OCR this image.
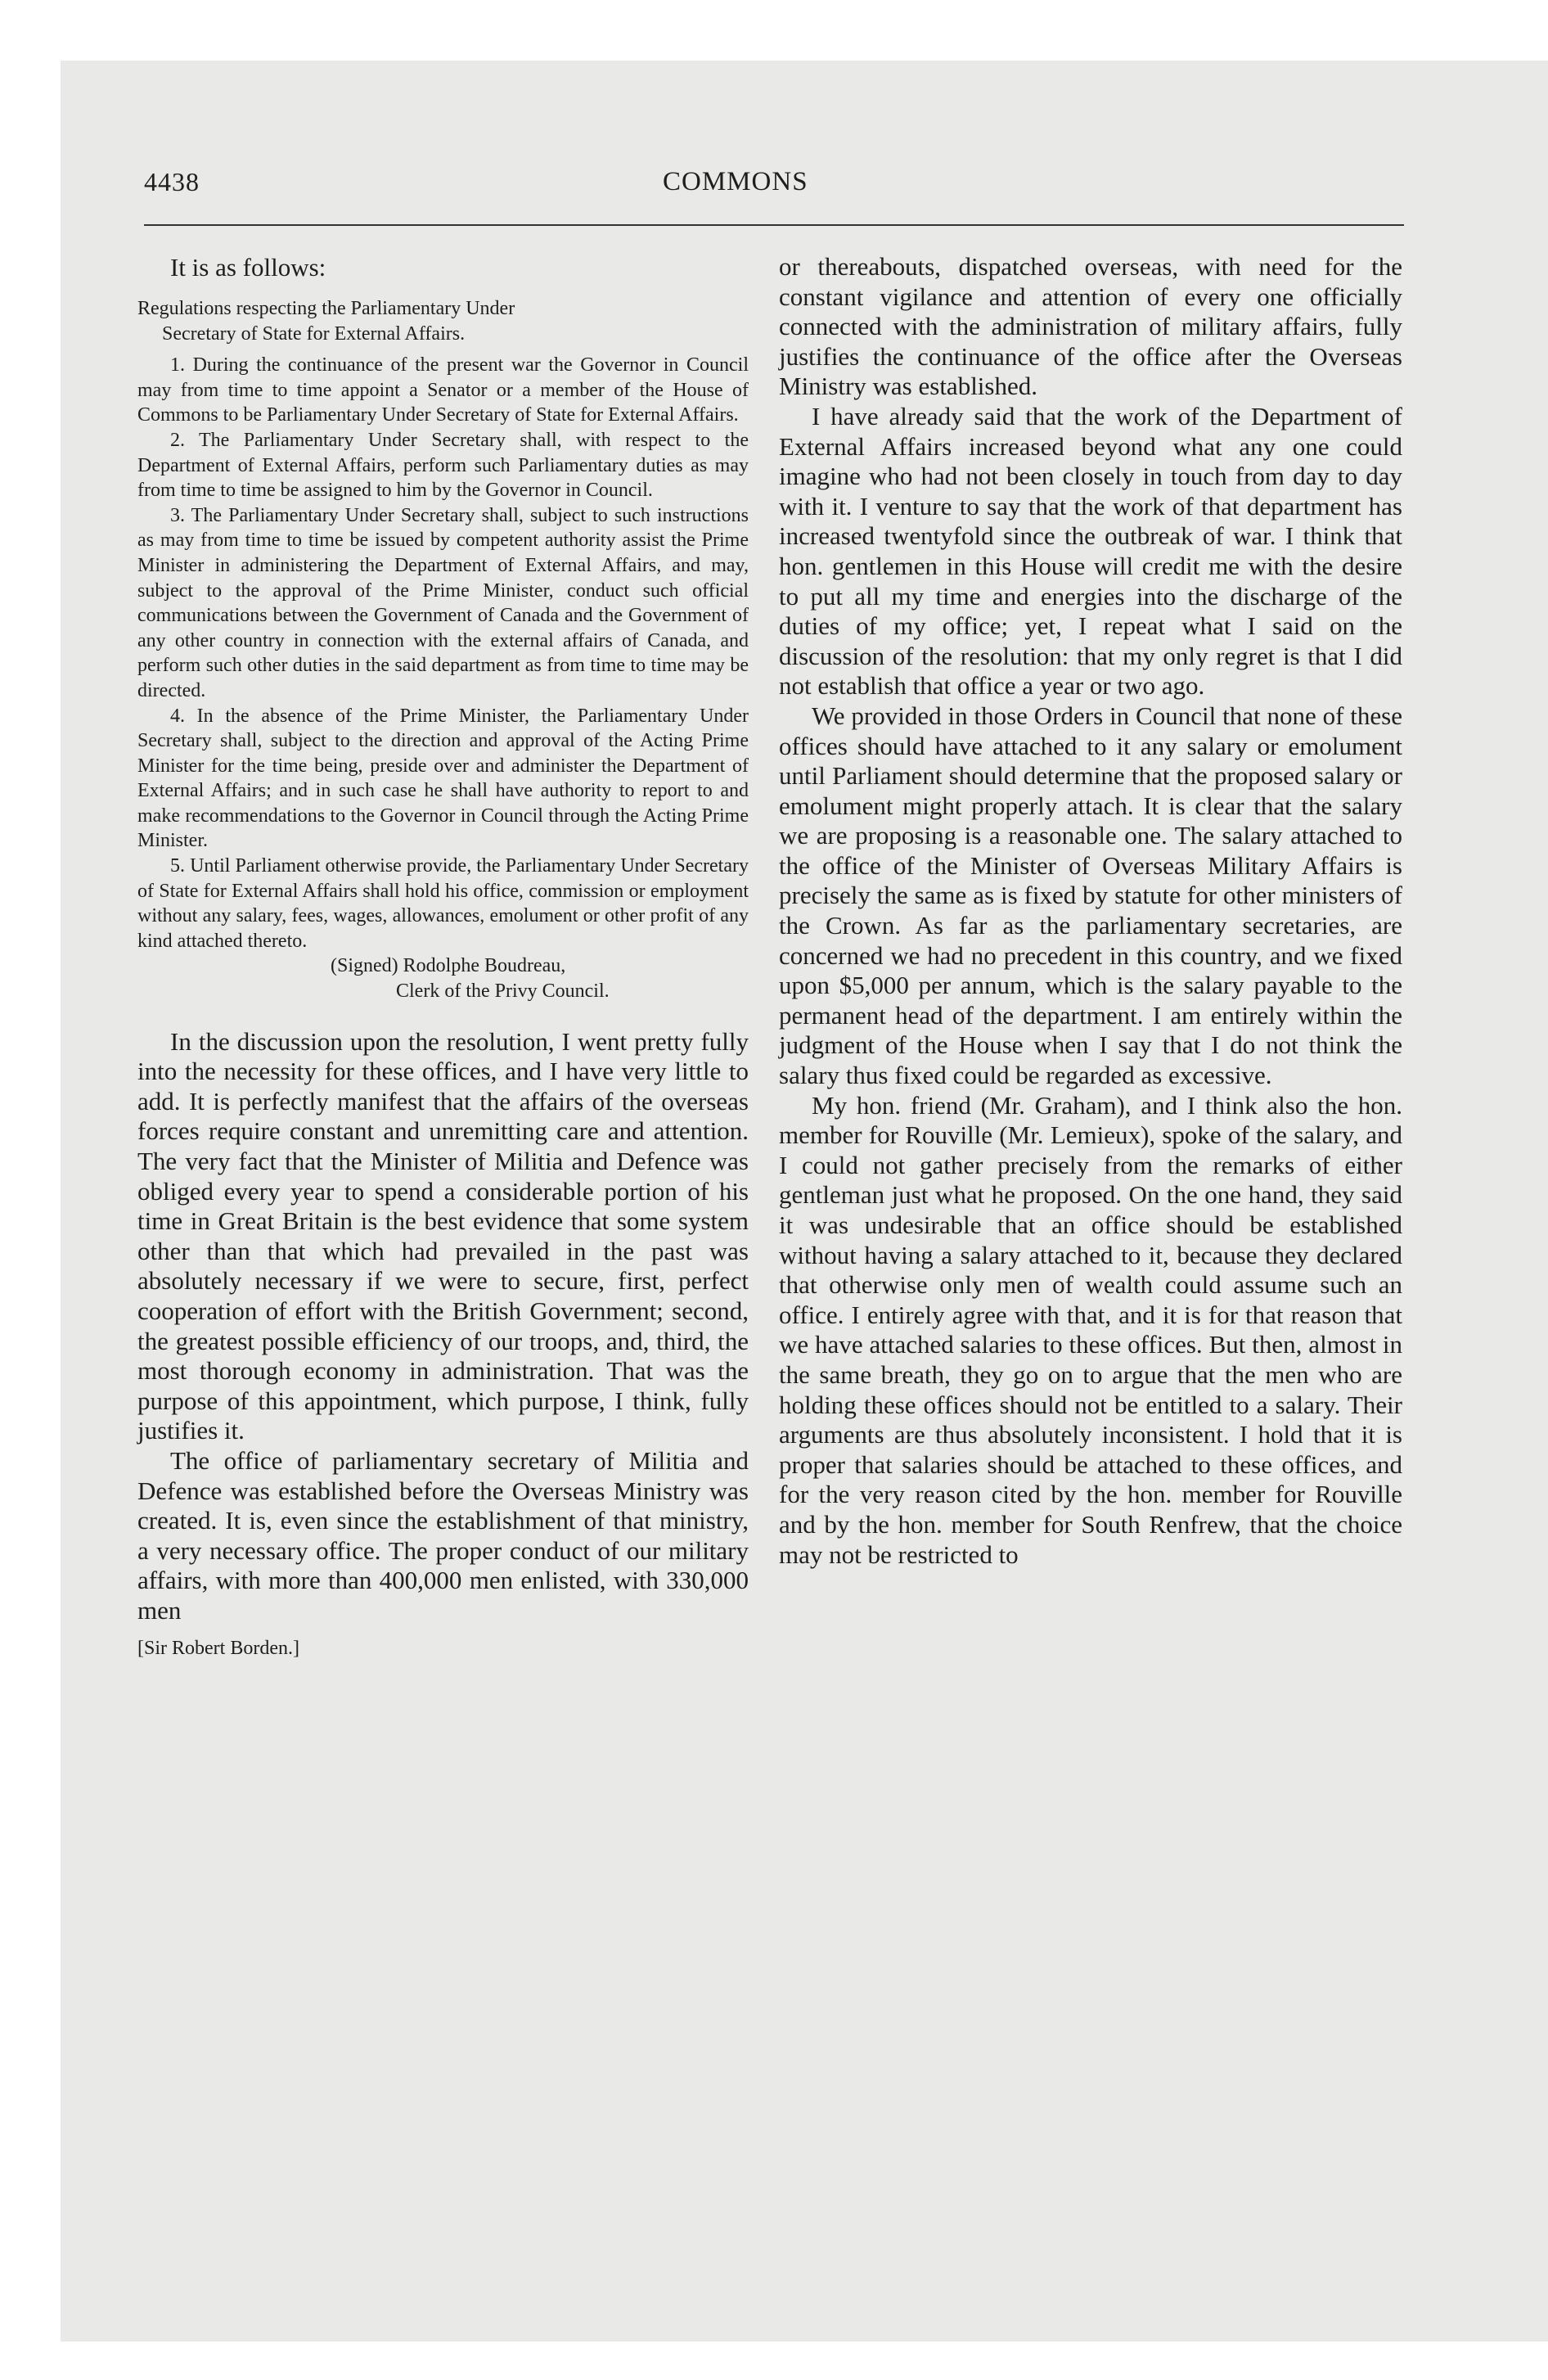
4438	COMMONS

It is as follows:

Regulations respecting the Parliamentary Under
Secretary of State for External Affairs.

1. During the continuance of the present war the Governor in Council may from time to time appoint a Senator or a member of the House of Commons to be Parliamentary Under Secretary of State for External Affairs.

2. The Parliamentary Under Secretary shall, with respect to the Department of External Affairs, perform such Parliamentary duties as may from time to time be assigned to him by the Governor in Council.

3. The Parliamentary Under Secretary shall, subject to such instructions as may from time to time be issued by competent authority assist the Prime Minister in administering the Department of External Affairs, and may, subject to the approval of the Prime Minister, conduct such official communications between the Government of Canada and the Government of any other country in connection with the external affairs of Canada, and perform such other duties in the said department as from time to time may be directed.

4. In the absence of the Prime Minister, the Parliamentary Under Secretary shall, subject to the direction and approval of the Acting Prime Minister for the time being, preside over and administer the Department of External Affairs; and in such case he shall have authority to report to and make recommendations to the Governor in Council through the Acting Prime Minister.

5. Until Parliament otherwise provide, the Parliamentary Under Secretary of State for External Affairs shall hold his office, commission or employment without any salary, fees, wages, allowances, emolument or other profit of any kind attached thereto.

(Signed) Rodolphe Boudreau,

Clerk of the Privy Council.

In the discussion upon the resolution, I went pretty fully into the necessity for these offices, and I have very little to add. It is perfectly manifest that the affairs of the overseas forces require constant and unremitting care and attention. The very fact that the Minister of Militia and Defence was obliged every year to spend a considerable portion of his time in Great Britain is the best evidence that some system other than that which had prevailed in the past was absolutely necessary if we were to secure, first, perfect cooperation of effort with the British Government; second, the greatest possible efficiency of our troops, and, third, the most thorough economy in administration. That was the purpose of this appointment, which purpose, I think, fully justifies it.

The office of parliamentary secretary of Militia and Defence was established before the Overseas Ministry was created. It is, even since the establishment of that ministry, a very necessary office. The proper conduct of our military affairs, with more than 400,000 men enlisted, with 330,000 men

[Sir Robert Borden.]

or thereabouts, dispatched overseas, with need for the constant vigilance and attention of every one officially connected with the administration of military affairs, fully justifies the continuance of the office after the Overseas Ministry was established.

I have already said that the work of the Department of External Affairs increased beyond what any one could imagine who had not been closely in touch from day to day with it. I venture to say that the work of that department has increased twentyfold since the outbreak of war. I think that hon. gentlemen in this House will credit me with the desire to put all my time and energies into the discharge of the duties of my office; yet, I repeat what I said on the discussion of the resolution: that my only regret is that I did not establish that office a year or two ago.

We provided in those Orders in Council that none of these offices should have attached to it any salary or emolument until Parliament should determine that the proposed salary or emolument might properly attach. It is clear that the salary we are proposing is a reasonable one. The salary attached to the office of the Minister of Overseas Military Affairs is precisely the same as is fixed by statute for other ministers of the Crown. As far as the parliamentary secretaries, are concerned we had no precedent in this country, and we fixed upon $5,000 per annum, which is the salary payable to the permanent head of the department. I am entirely within the judgment of the House when I say that I do not think the salary thus fixed could be regarded as excessive.

My hon. friend (Mr. Graham), and I think also the hon. member for Rouville (Mr. Lemieux), spoke of the salary, and I could not gather precisely from the remarks of either gentleman just what he proposed. On the one hand, they said it was undesirable that an office should be established without having a salary attached to it, because they declared that otherwise only men of wealth could assume such an office. I entirely agree with that, and it is for that reason that we have attached salaries to these offices. But then, almost in the same breath, they go on to argue that the men who are holding these offices should not be entitled to a salary. Their arguments are thus absolutely inconsistent. I hold that it is proper that salaries should be attached to these offices, and for the very reason cited by the hon. member for Rouville and by the hon. member for South Renfrew, that the choice may not be restricted to
